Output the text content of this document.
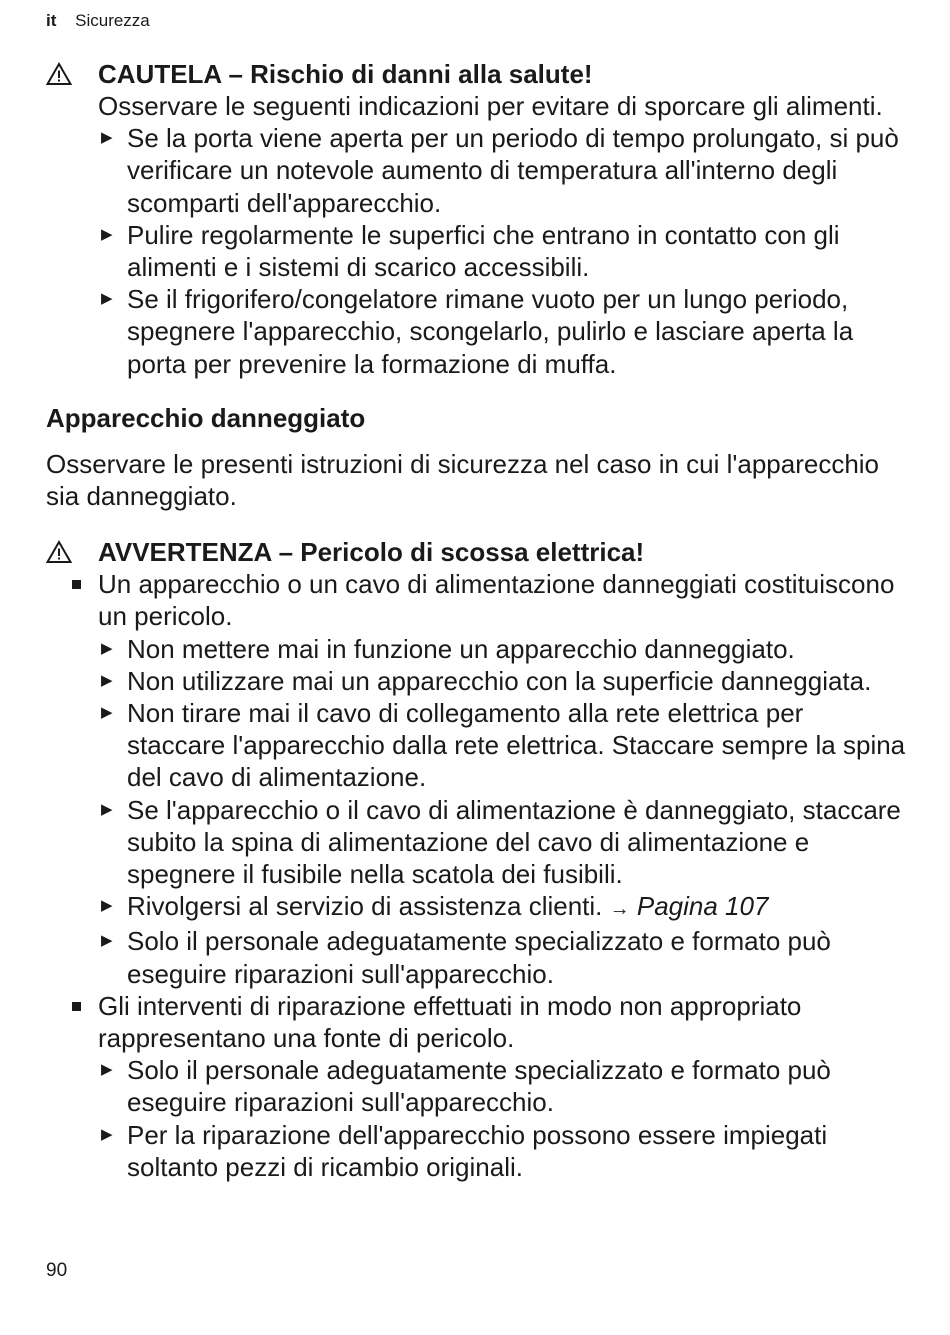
it Sicurezza
CAUTELA – Rischio di danni alla salute!
Osservare le seguenti indicazioni per evitare di sporcare gli alimenti.
▶ Se la porta viene aperta per un periodo di tempo prolungato, si può verificare un notevole aumento di temperatura all'interno degli scomparti dell'apparecchio.
▶ Pulire regolarmente le superfici che entrano in contatto con gli alimenti e i sistemi di scarico accessibili.
▶ Se il frigorifero/congelatore rimane vuoto per un lungo periodo, spegnere l'apparecchio, scongelarlo, pulirlo e lasciare aperta la porta per prevenire la formazione di muffa.
Apparecchio danneggiato
Osservare le presenti istruzioni di sicurezza nel caso in cui l'apparecchio sia danneggiato.
AVVERTENZA – Pericolo di scossa elettrica!
Un apparecchio o un cavo di alimentazione danneggiati costituiscono un pericolo.
▶ Non mettere mai in funzione un apparecchio danneggiato.
▶ Non utilizzare mai un apparecchio con la superficie danneggiata.
▶ Non tirare mai il cavo di collegamento alla rete elettrica per staccare l'apparecchio dalla rete elettrica. Staccare sempre la spina del cavo di alimentazione.
▶ Se l'apparecchio o il cavo di alimentazione è danneggiato, staccare subito la spina di alimentazione del cavo di alimentazione e spegnere il fusibile nella scatola dei fusibili.
▶ Rivolgersi al servizio di assistenza clienti. → Pagina 107
▶ Solo il personale adeguatamente specializzato e formato può eseguire riparazioni sull'apparecchio.
Gli interventi di riparazione effettuati in modo non appropriato rappresentano una fonte di pericolo.
▶ Solo il personale adeguatamente specializzato e formato può eseguire riparazioni sull'apparecchio.
▶ Per la riparazione dell'apparecchio possono essere impiegati soltanto pezzi di ricambio originali.
90
